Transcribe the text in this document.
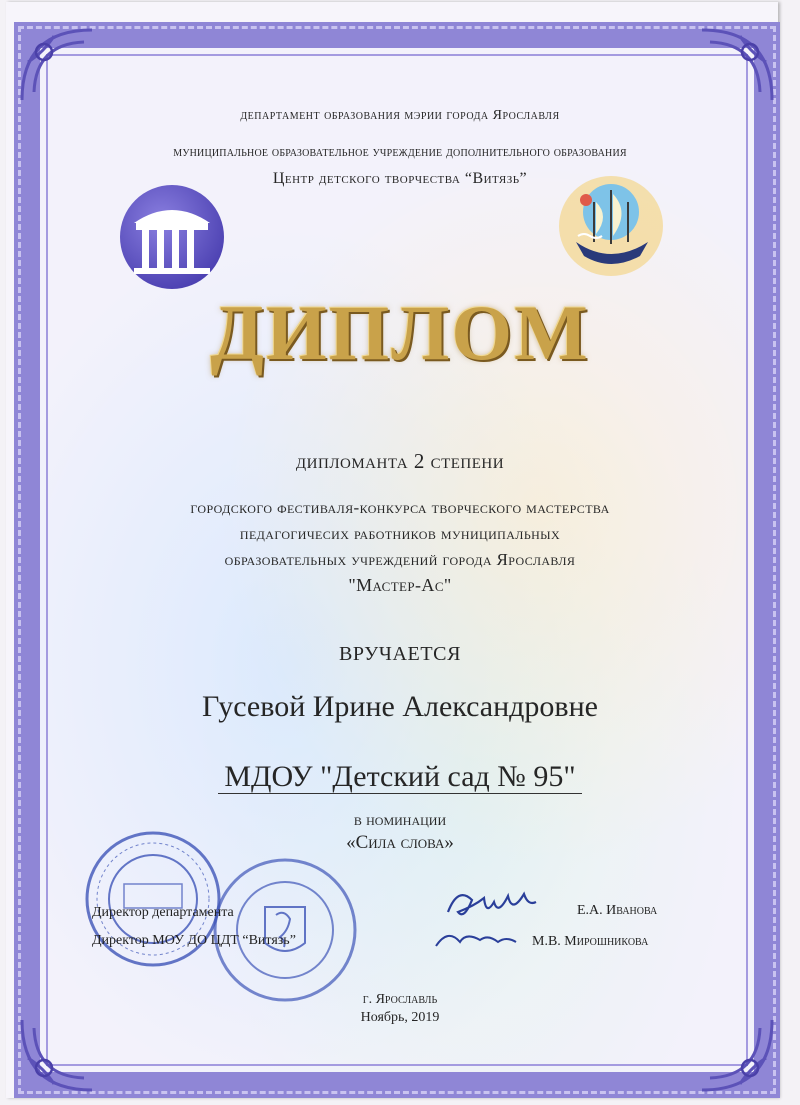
департамент образования мэрии города Ярославля
муниципальное образовательное учреждение дополнительного образования
Центр детского творчества “Витязь”
ДИПЛОМ
дипломанта 2 степени
городского фестиваля-конкурса творческого мастерства
педагогичесих работников муниципальных
образовательных учреждений города Ярославля
"Мастер-Ас"
ВРУЧАЕТСЯ
Гусевой Ирине Александровне
МДОУ "Детский сад № 95"
в номинации
«Сила слова»
Директор департамента
Директор МОУ ДО ЦДТ “Витязь”
Е.А. Иванова
М.В. Мирошникова
г. Ярославль
Ноябрь, 2019
